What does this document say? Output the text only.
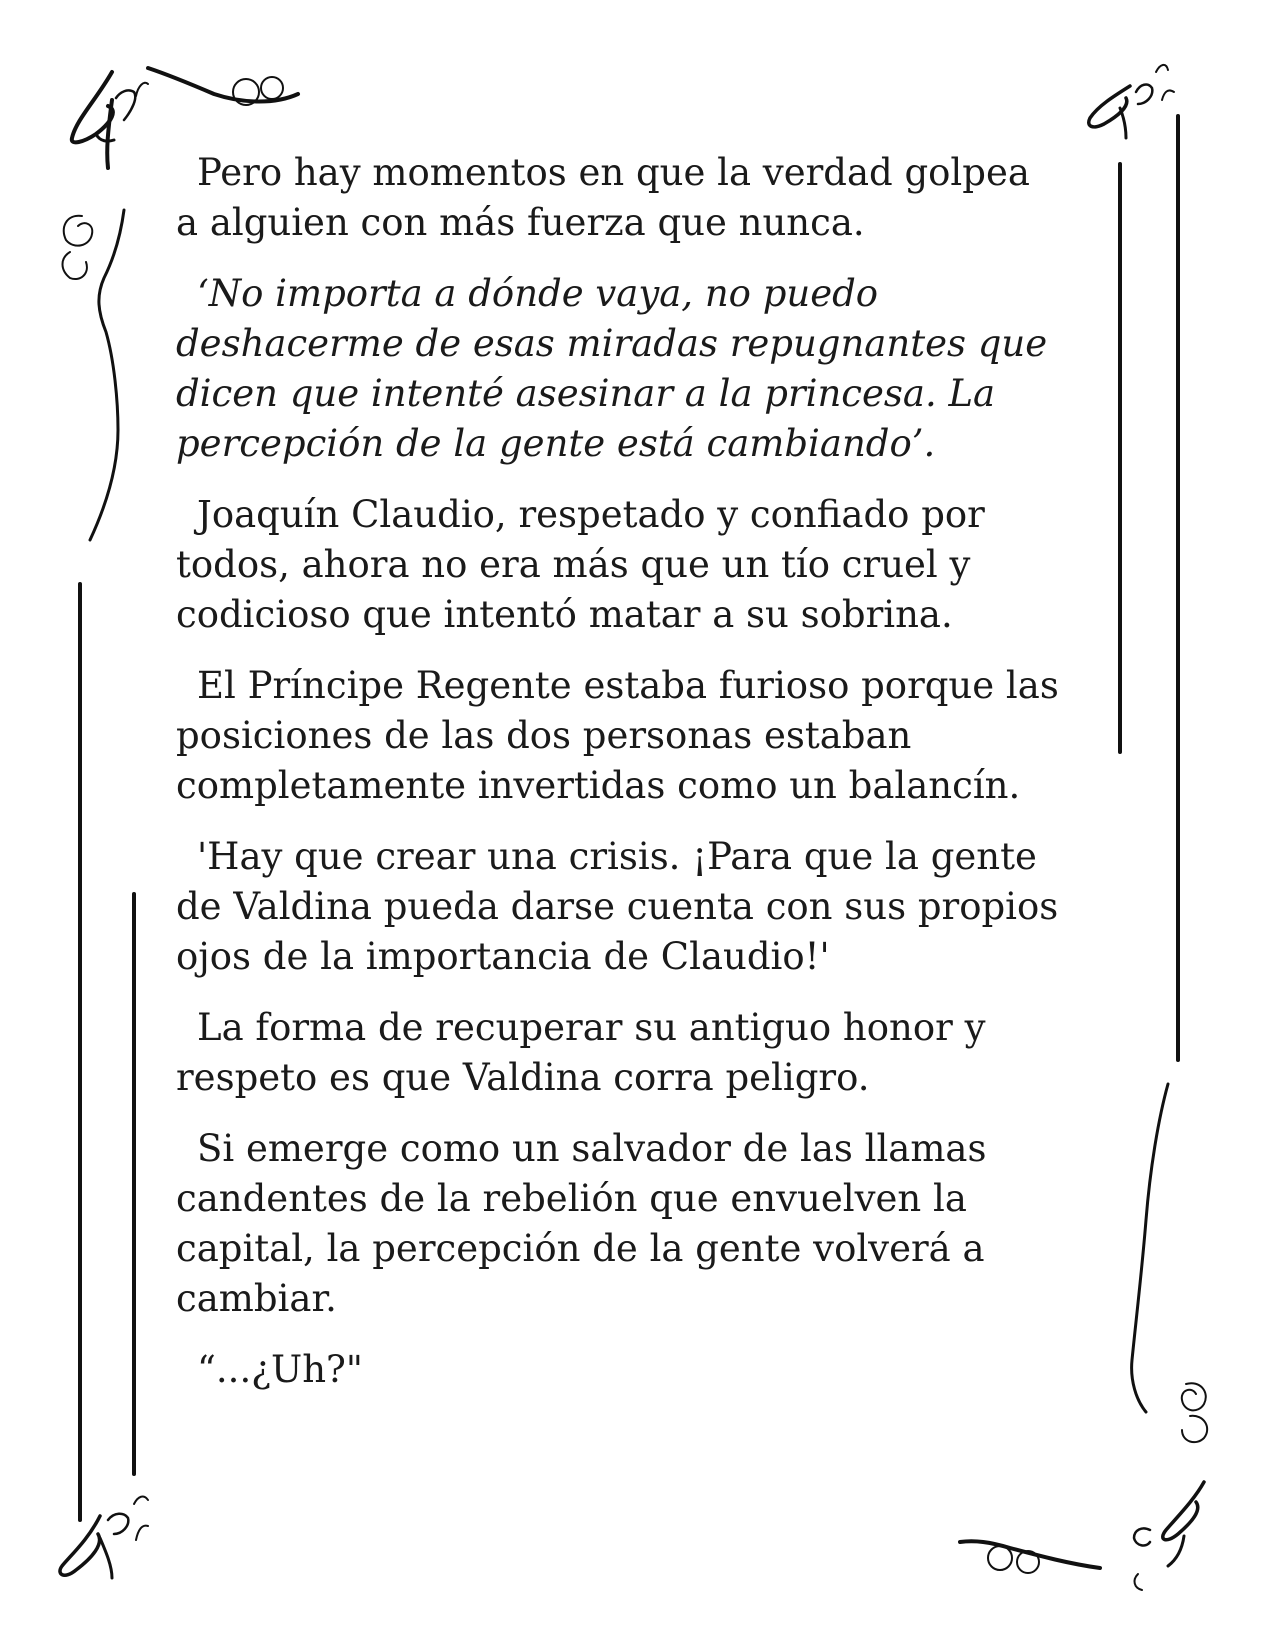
Pero hay momentos en que la verdad golpea
a alguien con más fuerza que nunca.

‘No importa a dónde vaya, no puedo
deshacerme de esas miradas repugnantes que
dicen que intenté asesinar a la princesa. La
percepción de la gente está cambiando’.

Joaquín Claudio, respetado y confiado por
todos, ahora no era más que un tío cruel y
codicioso que intentó matar a su sobrina.

El Príncipe Regente estaba furioso porque las
posiciones de las dos personas estaban
completamente invertidas como un balancín.

'Hay que crear una crisis. ¡Para que la gente
de Valdina pueda darse cuenta con sus propios
ojos de la importancia de Claudio!'

La forma de recuperar su antiguo honor y
respeto es que Valdina corra peligro.

Si emerge como un salvador de las llamas
candentes de la rebelión que envuelven la
capital, la percepción de la gente volverá a
cambiar.

“...¿Uh?"
